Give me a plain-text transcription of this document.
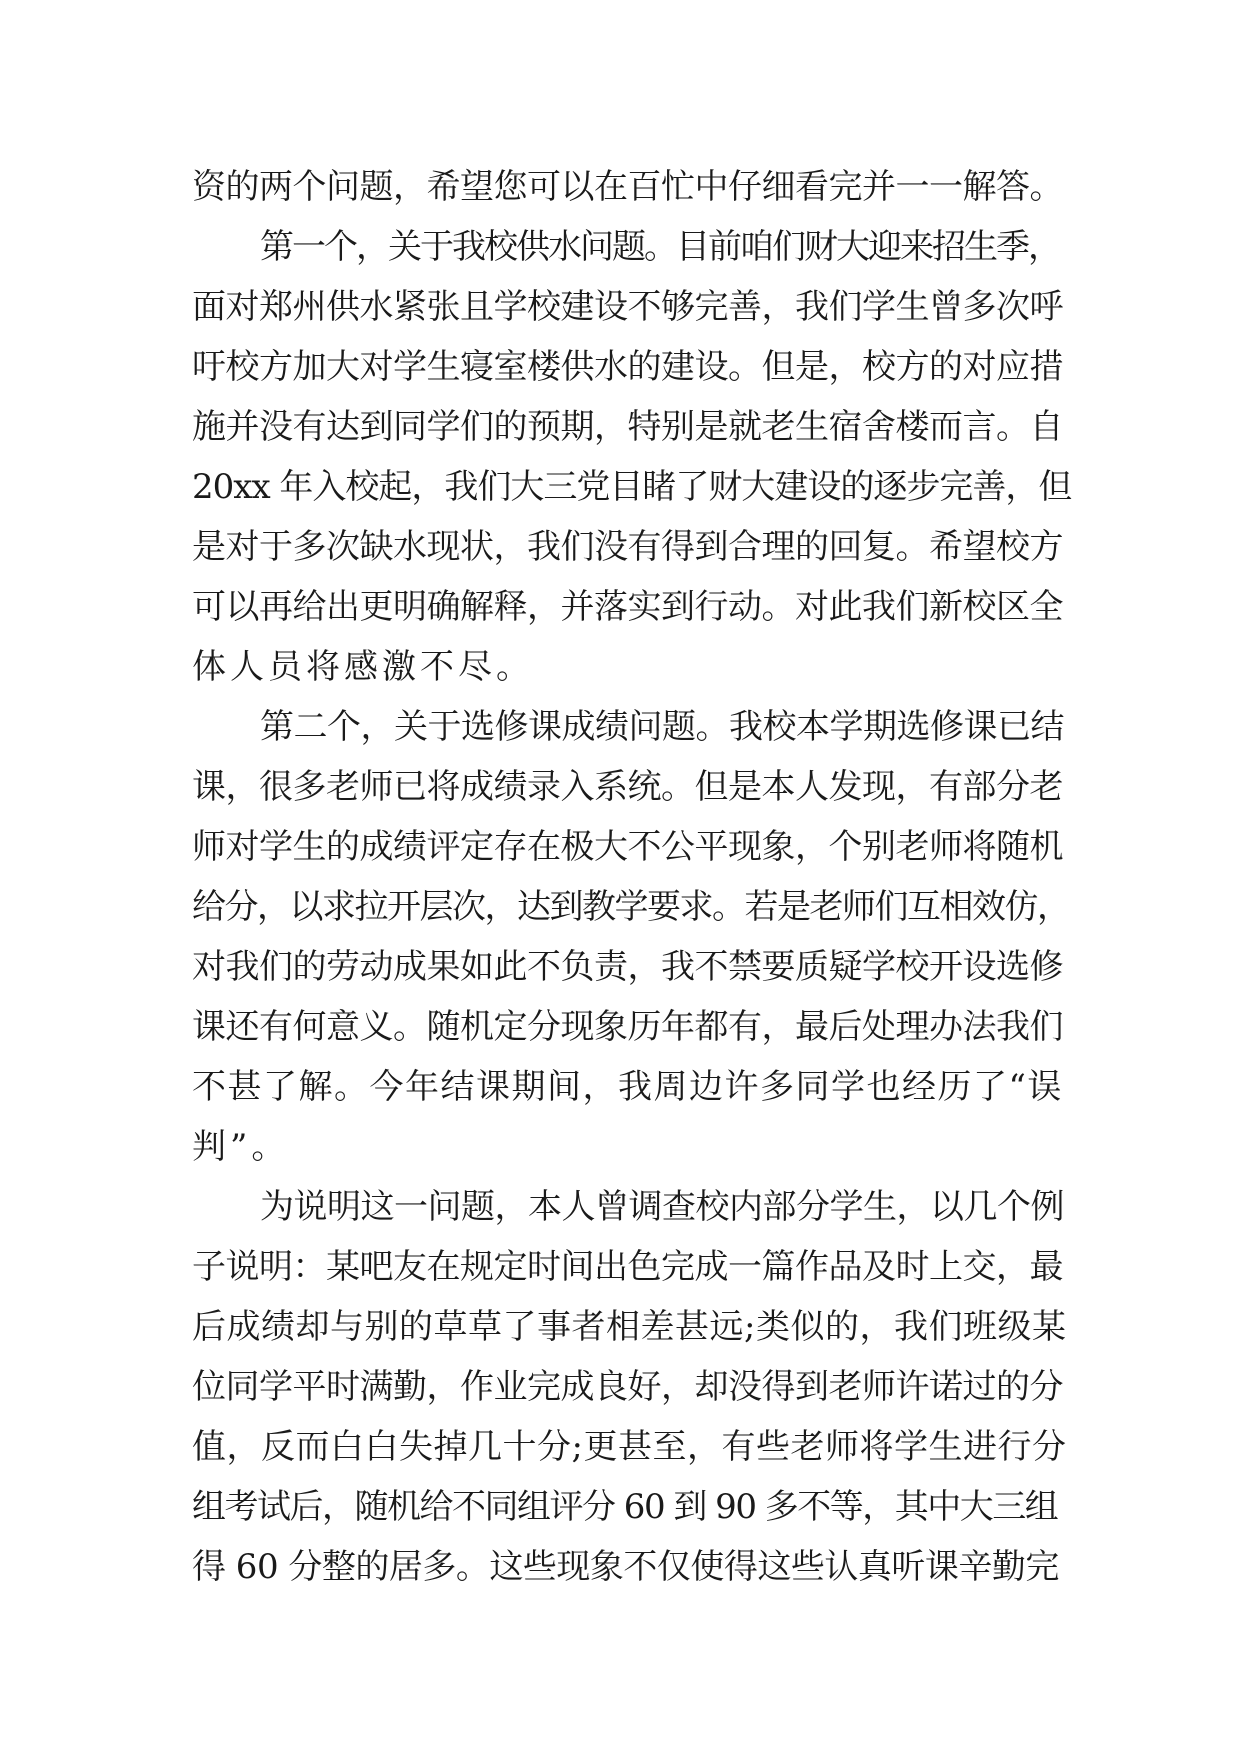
资的两个问题，希望您可以在百忙中仔细看完并一一解答。
第一个，关于我校供水问题。目前咱们财大迎来招生季，
面对郑州供水紧张且学校建设不够完善，我们学生曾多次呼
吁校方加大对学生寝室楼供水的建设。但是，校方的对应措
施并没有达到同学们的预期，特别是就老生宿舍楼而言。自
20xx 年入校起，我们大三党目睹了财大建设的逐步完善，但
是对于多次缺水现状，我们没有得到合理的回复。希望校方
可以再给出更明确解释，并落实到行动。对此我们新校区全
体人员将感激不尽。
第二个，关于选修课成绩问题。我校本学期选修课已结
课，很多老师已将成绩录入系统。但是本人发现，有部分老
师对学生的成绩评定存在极大不公平现象，个别老师将随机
给分，以求拉开层次，达到教学要求。若是老师们互相效仿，
对我们的劳动成果如此不负责，我不禁要质疑学校开设选修
课还有何意义。随机定分现象历年都有，最后处理办法我们
不甚了解。今年结课期间，我周边许多同学也经历了“误
判”。
为说明这一问题，本人曾调查校内部分学生，以几个例
子说明：某吧友在规定时间出色完成一篇作品及时上交，最
后成绩却与别的草草了事者相差甚远;类似的，我们班级某
位同学平时满勤，作业完成良好，却没得到老师许诺过的分
值，反而白白失掉几十分;更甚至，有些老师将学生进行分
组考试后，随机给不同组评分 60 到 90 多不等，其中大三组
得 60 分整的居多。这些现象不仅使得这些认真听课辛勤完
